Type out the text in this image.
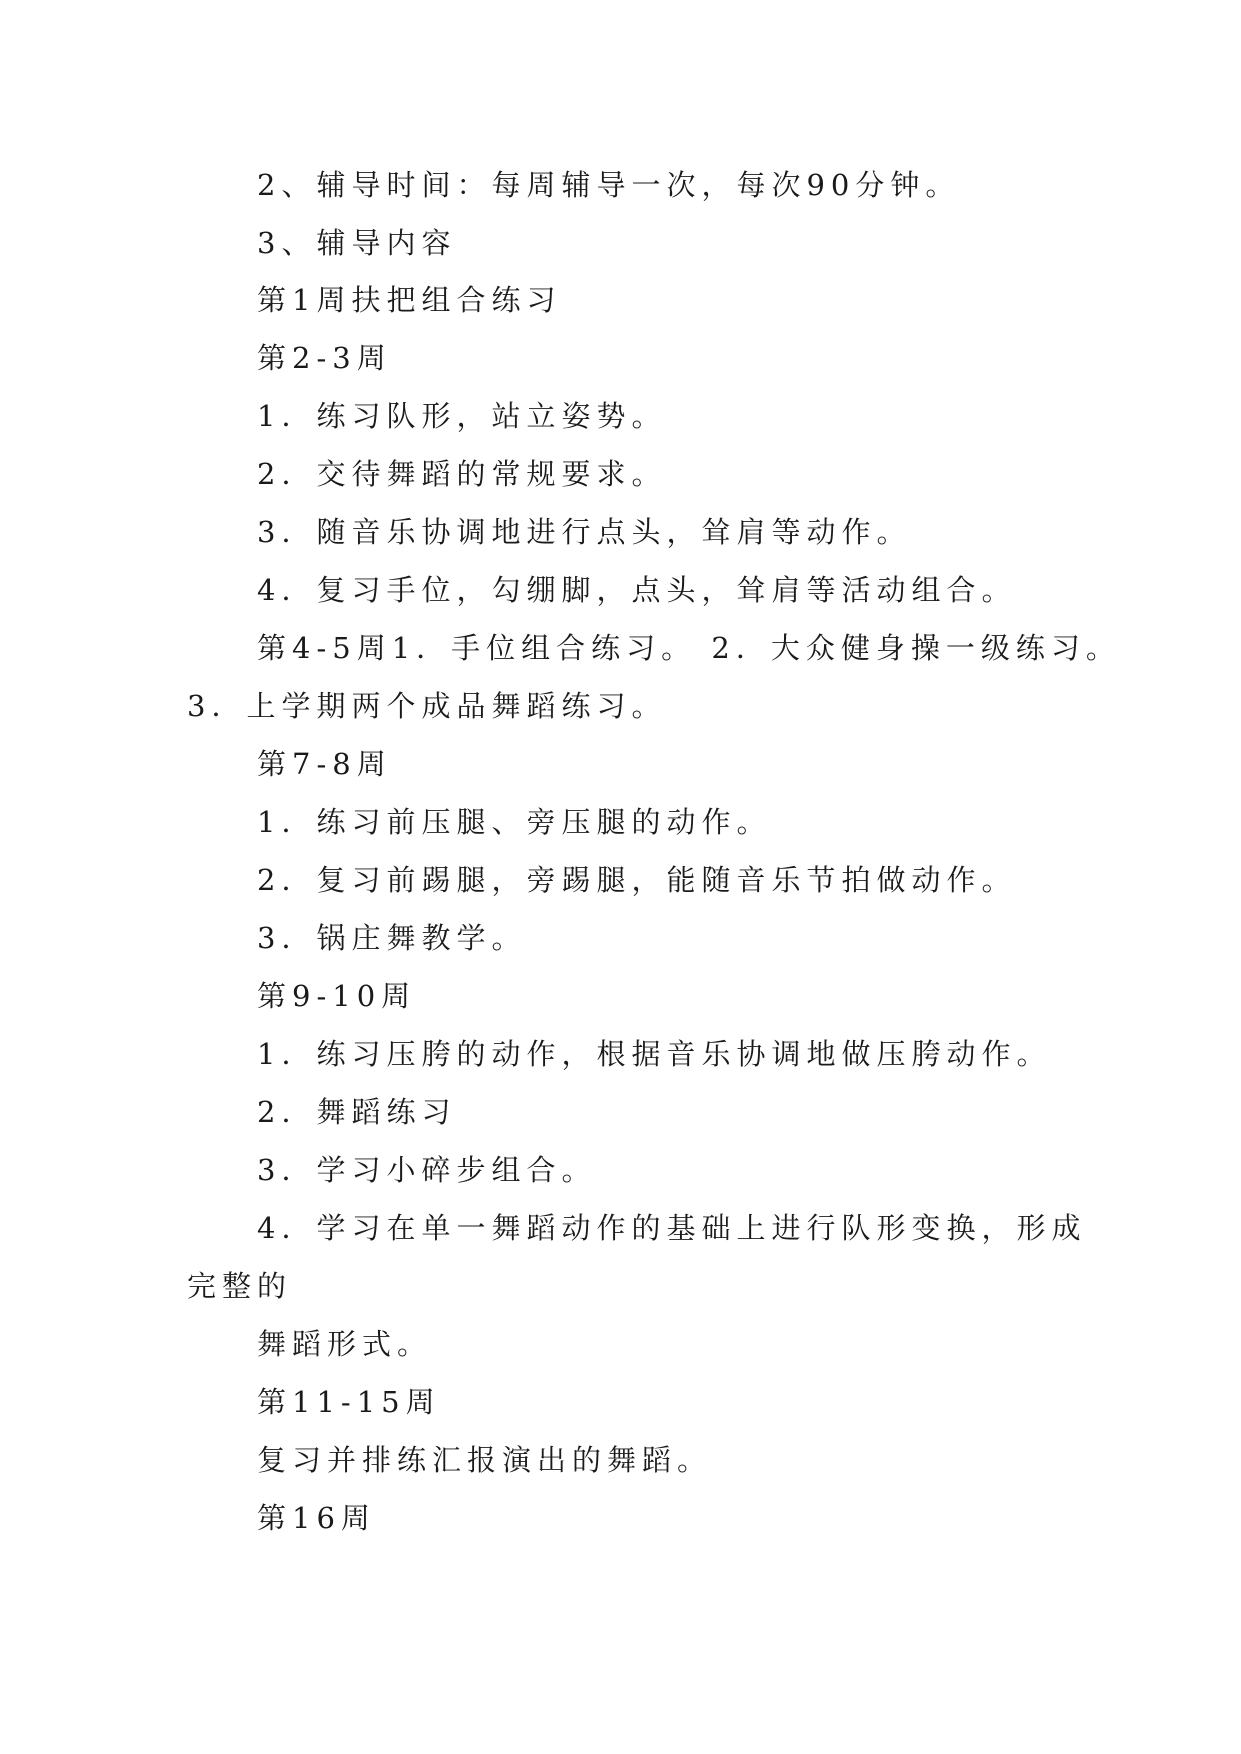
2、辅导时间：每周辅导一次，每次90分钟。
3、辅导内容
第1周扶把组合练习
第2-3周
1．练习队形，站立姿势。
2．交待舞蹈的常规要求。
3．随音乐协调地进行点头，耸肩等动作。
4．复习手位，勾绷脚，点头，耸肩等活动组合。
第4-5周1．手位组合练习。 2．大众健身操一级练习。
3．上学期两个成品舞蹈练习。
第7-8周
1．练习前压腿、旁压腿的动作。
2．复习前踢腿，旁踢腿，能随音乐节拍做动作。
3．锅庄舞教学。
第9-10周
1．练习压胯的动作，根据音乐协调地做压胯动作。
2．舞蹈练习
3．学习小碎步组合。
4．学习在单一舞蹈动作的基础上进行队形变换，形成
完整的
舞蹈形式。
第11-15周
复习并排练汇报演出的舞蹈。
第16周
